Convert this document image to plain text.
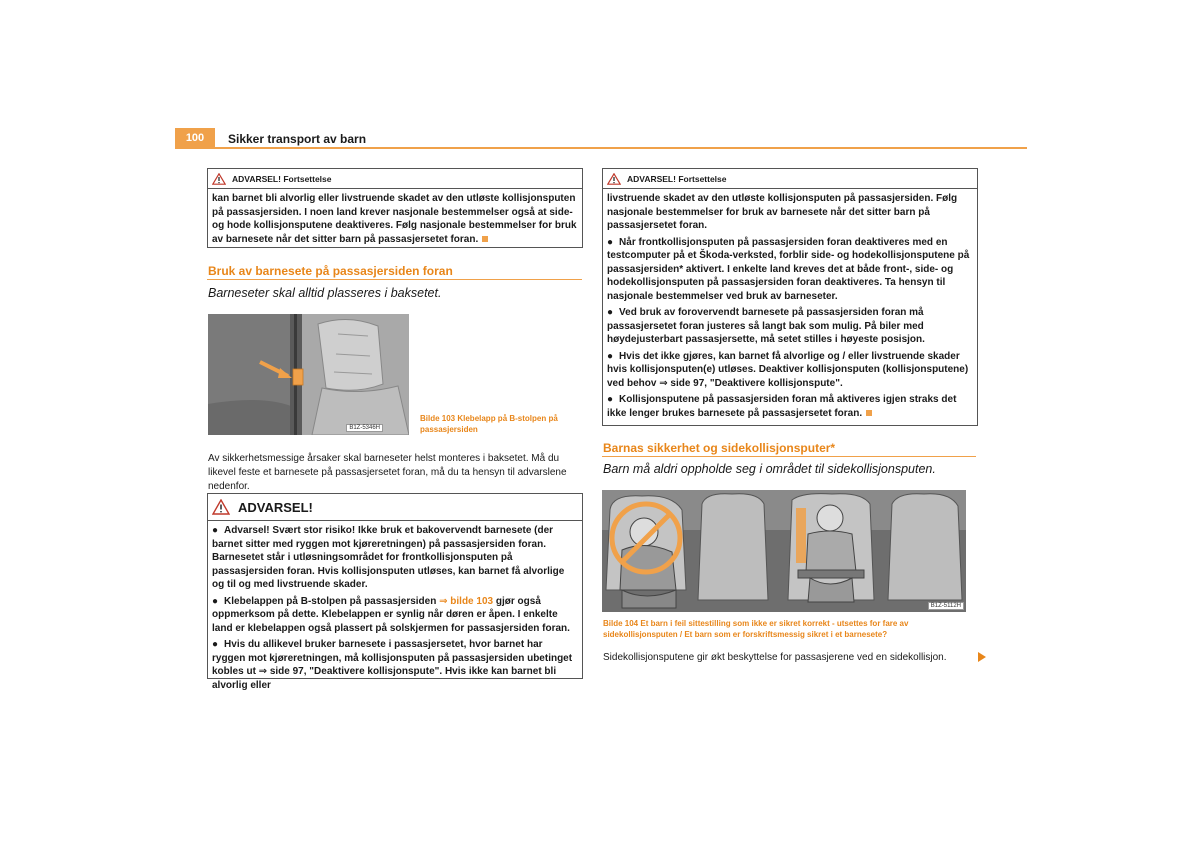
100	Sikker transport av barn
ADVARSEL! Fortsettelse

kan barnet bli alvorlig eller livstruende skadet av den utløste kollisjonsputen på passasjersiden. I noen land krever nasjonale bestemmelser også at side- og hode kollisjonsputene deaktiveres. Følg nasjonale bestemmelser for bruk av barnesete når det sitter barn på passasjersetet foran.

Bruk av barnesete på passasjersiden foran
Barneseter skal alltid plasseres i baksetet.
B1Z-5346H
Bilde 103 Klebelapp på B-stolpen på passasjersiden
Av sikkerhetsmessige årsaker skal barneseter helst monteres i baksetet. Må du likevel feste et barnesete på passasjersetet foran, må du ta hensyn til advarslene nedenfor.
ADVARSEL!

● Advarsel! Svært stor risiko! Ikke bruk et bakovervendt barnesete (der barnet sitter med ryggen mot kjøreretningen) på passasjersiden foran. Barnesetet står i utløsningsområdet for frontkollisjonsputen på passasjersiden foran. Hvis kollisjonsputen utløses, kan barnet få alvorlige og til og med livstruende skader.

● Klebelappen på B-stolpen på passasjersiden ⇒ bilde 103 gjør også oppmerksom på dette. Klebelappen er synlig når døren er åpen. I enkelte land er klebelappen også plassert på solskjermen for passasjersiden foran.

● Hvis du allikevel bruker barnesete i passasjersetet, hvor barnet har ryggen mot kjøreretningen, må kollisjonsputen på passasjersiden ubetinget kobles ut ⇒ side 97, "Deaktivere kollisjonspute". Hvis ikke kan barnet bli alvorlig eller

ADVARSEL! Fortsettelse

livstruende skadet av den utløste kollisjonsputen på passasjersiden. Følg nasjonale bestemmelser for bruk av barnesete når det sitter barn på passasjersetet foran.

● Når frontkollisjonsputen på passasjersiden foran deaktiveres med en testcomputer på et Škoda-verksted, forblir side- og hodekollisjonsputene på passasjersiden* aktivert. I enkelte land kreves det at både front-, side- og hodekollisjonsputen på passasjersiden foran deaktiveres. Ta hensyn til nasjonale bestemmelser ved bruk av barneseter.

● Ved bruk av forovervendt barnesete på passasjersiden foran må passasjersetet foran justeres så langt bak som mulig. På biler med høydejusterbart passasjersette, må setet stilles i høyeste posisjon.

● Hvis det ikke gjøres, kan barnet få alvorlige og / eller livstruende skader hvis kollisjonsputen(e) utløses. Deaktiver kollisjonsputen (kollisjonsputene) ved behov ⇒ side 97, "Deaktivere kollisjonspute".

● Kollisjonsputene på passasjersiden foran må aktiveres igjen straks det ikke lenger brukes barnesete på passasjersetet foran.

Barnas sikkerhet og sidekollisjonsputer*
Barn må aldri oppholde seg i området til sidekollisjonsputen.
B1Z-5112H
Bilde 104 Et barn i feil sittestilling som ikke er sikret korrekt - utsettes for fare av sidekollisjonsputen / Et barn som er forskriftsmessig sikret i et barnesete?
Sidekollisjonsputene gir økt beskyttelse for passasjerene ved en sidekollisjon.
